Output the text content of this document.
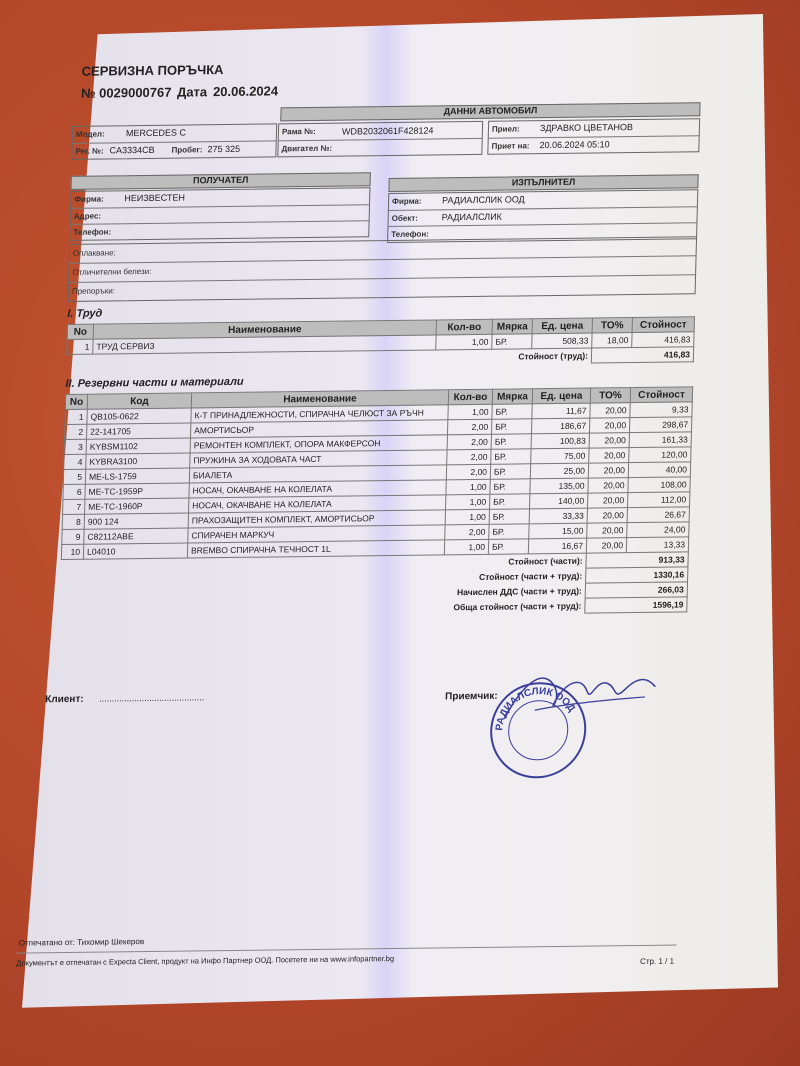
СЕРВИЗНА ПОРЪЧКА
№ 0029000767 Дата 20.06.2024
ДАННИ АВТОМОБИЛ
Модел: MERCEDES C
Рег. №: CA3334CB Пробег: 275 325
Рама №:	WDB2032061F428124
Двигател №:
Приел: ЗДРАВКО ЦВЕТАНОВ
Приет на: 20.06.2024 05:10
ПОЛУЧАТЕЛ
Фирма: НЕИЗВЕСТЕН
Адрес:
Телефон:
ИЗПЪЛНИТЕЛ
Фирма: РАДИАЛСЛИК ООД
Обект:	РАДИАЛСЛИК
Телефон:
Оплакване:
Отличителни белези:
Препоръки:
I. Труд
No	Наименование	Кол-во	Мярка	Ед. цена	ТО%	Стойност
1	ТРУД СЕРВИЗ	1,00	БР.	508,33	18,00	416,83
Стойност (труд):					416,83	
II. Резервни части и материали
No	Код	Наименование	Кол-во	Мярка	Ед. цена	ТО%	Стойност
1	QB105-0622	К-Т ПРИНАДЛЕЖНОСТИ, СПИРАЧНА ЧЕЛЮСТ ЗА РЪЧН	1,00	БР.	11,67	20,00	9,33
2	22-141705	АМОРТИСЬОР	2,00	БР.	186,67	20,00	298,67
3	KYBSM1102	РЕМОНТЕН КОМПЛЕКТ, ОПОРА МАКФЕРСОН	2,00	БР.	100,83	20,00	161,33
4	KYBRA3100	ПРУЖИНА ЗА ХОДОВАТА ЧАСТ	2,00	БР.	75,00	20,00	120,00
5	ME-LS-1759	БИАЛЕТА	2,00	БР.	25,00	20,00	40,00
6	ME-TC-1959P	НОСАЧ, ОКАЧВАНЕ НА КОЛЕЛАТА	1,00	БР.	135,00	20,00	108,00
7	ME-TC-1960P	НОСАЧ, ОКАЧВАНЕ НА КОЛЕЛАТА	1,00	БР.	140,00	20,00	112,00
8	900 124	ПРАХОЗАЩИТЕН КОМПЛЕКТ, АМОРТИСЬОР	1,00	БР.	33,33	20,00	26,67
9	C82112ABE	СПИРАЧЕН МАРКУЧ	2,00	БР.	15,00	20,00	24,00
10	L04010	BREMBO СПИРАЧНА ТЕЧНОСТ 1L	1,00	БР.	16,67	20,00	13,33
Стойност (части):						913,33	
Стойност (части + труд):						1330,16	
Начислен ДДС (части + труд):						266,03	
Обща стойност (части + труд):						1596,19	
Клиент: ..........................................	Приемчик:
РАДИАЛСЛИК ООД
Отпечатано от: Тихомир Шекеров
Документът е отпечатан с Expecta Client, продукт на Инфо Партнер ООД. Посетете ни на www.infopartner.bg	Стр. 1 / 1
